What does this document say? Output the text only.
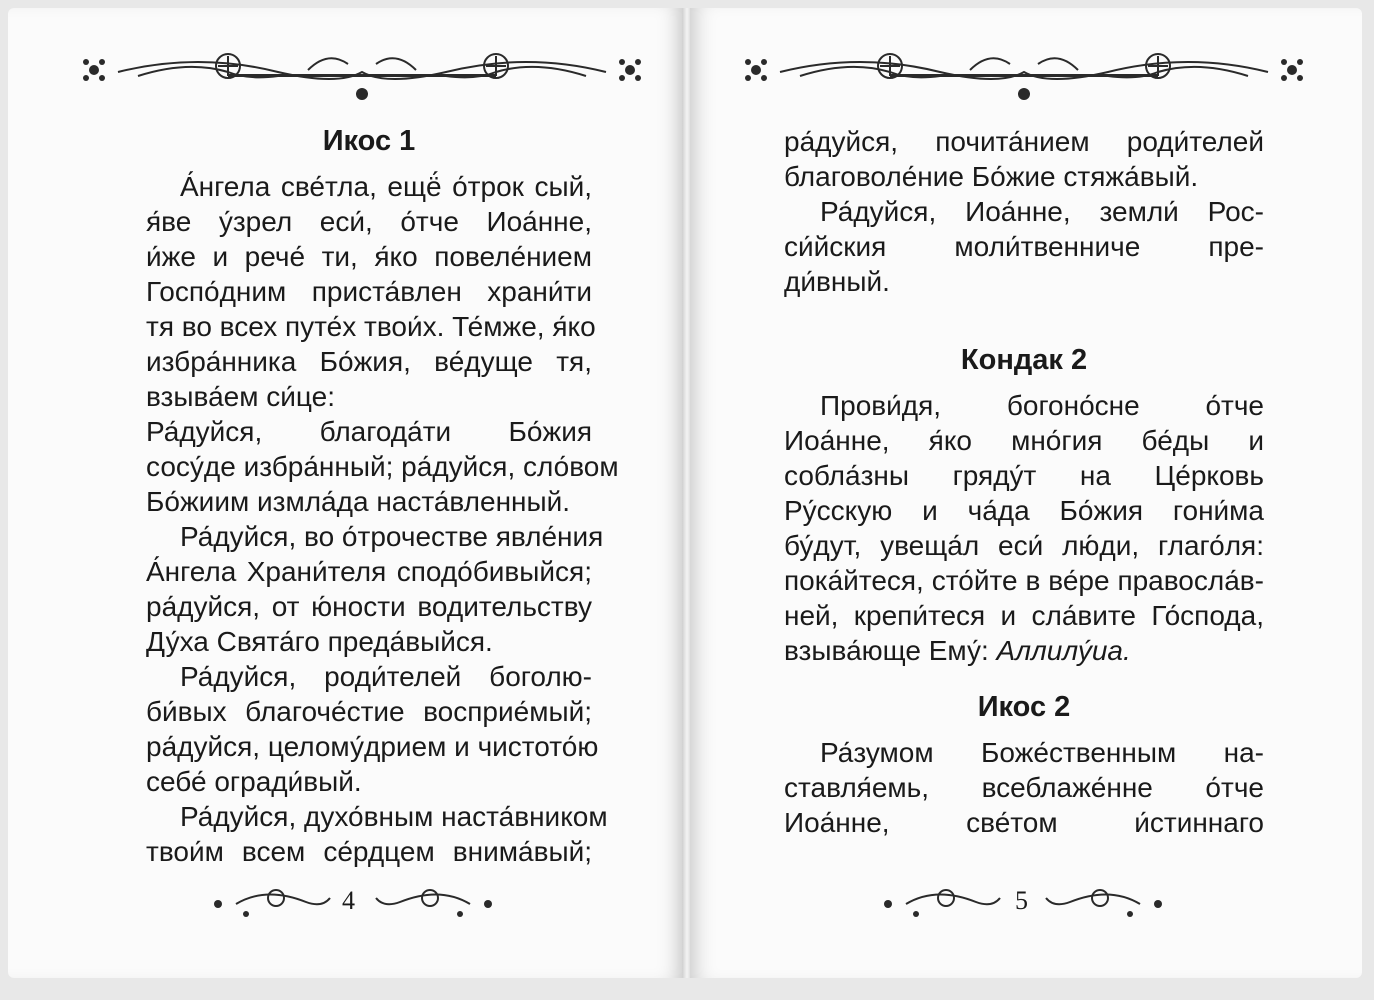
Икос 1
А́нгела све́тла, ещё́ о́трок сый,
я́ве у́зрел еси́, о́тче Иоа́нне,
и́же и рече́ ти, я́ко повеле́нием
Госпо́дним приста́влен храни́ти
тя во всех путе́х твои́х. Те́мже, я́ко
избра́нника Бо́жия, ве́дуще тя,
взыва́ем си́це:
Ра́дуйся, благода́ти Бо́жия
сосу́де избра́нный; ра́дуйся, сло́вом
Бо́жиим измла́да наста́вленный.
Ра́дуйся, во о́трочестве явле́ния
А́нгела Храни́теля сподо́бивыйся;
ра́дуйся, от ю́ности водительству
Ду́ха Свята́го преда́выйся.
Ра́дуйся, роди́телей боголю-
би́вых благоче́стие восприе́мый;
ра́дуйся, целому́дрием и чистото́ю
себе́ огради́вый.
Ра́дуйся, духо́вным наста́вником
твои́м всем се́рдцем внима́вый;
ра́дуйся, почита́нием роди́телей
благоволе́ние Бо́жие стяжа́вый.
Ра́дуйся, Иоа́нне, земли́ Рос-
си́йския моли́твенниче пре-
ди́вный.
Кондак 2
Прови́дя, богоно́сне о́тче
Иоа́нне, я́ко мно́гия бе́ды и
собла́зны гряду́т на Це́рковь
Ру́сскую и ча́да Бо́жия гони́ма
бу́дут, увеща́л еси́ лю́ди, глаго́ля:
пока́йтеся, сто́йте в ве́ре правосла́в-
ней, крепи́теся и сла́вите Го́спода,
взыва́юще Ему́: Аллилу́иа.
Икос 2
Ра́зумом Боже́ственным на-
ставля́емь, всеблаже́нне о́тче
Иоа́нне, све́том и́стиннаго
4	5
